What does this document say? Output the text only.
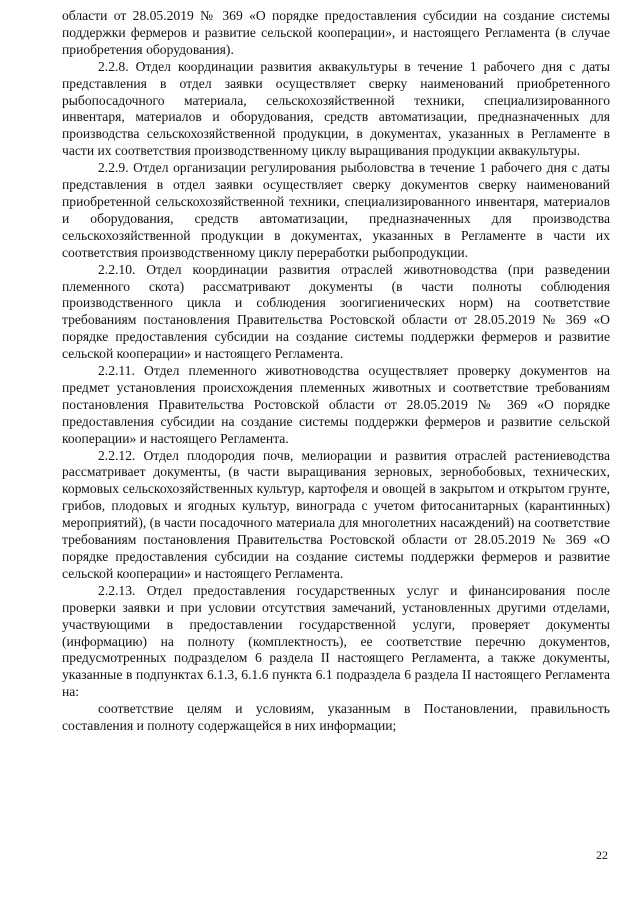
области от 28.05.2019 № 369 «О порядке предоставления субсидии на создание системы поддержки фермеров и развитие сельской кооперации», и настоящего Регламента (в случае приобретения оборудования).

2.2.8. Отдел координации развития аквакультуры в течение 1 рабочего дня с даты представления в отдел заявки осуществляет сверку наименований приобретенного рыбопосадочного материала, сельскохозяйственной техники, специализированного инвентаря, материалов и оборудования, средств автоматизации, предназначенных для производства сельскохозяйственной продукции, в документах, указанных в Регламенте в части их соответствия производственному циклу выращивания продукции аквакультуры.

2.2.9. Отдел организации регулирования рыболовства в течение 1 рабочего дня с даты представления в отдел заявки осуществляет сверку документов сверку наименований приобретенной сельскохозяйственной техники, специализированного инвентаря, материалов и оборудования, средств автоматизации, предназначенных для производства сельскохозяйственной продукции в документах, указанных в Регламенте в части их соответствия производственному циклу переработки рыбопродукции.

2.2.10. Отдел координации развития отраслей животноводства (при разведении племенного скота) рассматривают документы (в части полноты соблюдения производственного цикла и соблюдения зоогигиенических норм) на соответствие требованиям постановления Правительства Ростовской области от 28.05.2019 № 369 «О порядке предоставления субсидии на создание системы поддержки фермеров и развитие сельской кооперации» и настоящего Регламента.

2.2.11. Отдел племенного животноводства осуществляет проверку документов на предмет установления происхождения племенных животных и соответствие требованиям постановления Правительства Ростовской области от 28.05.2019 № 369 «О порядке предоставления субсидии на создание системы поддержки фермеров и развитие сельской кооперации» и настоящего Регламента.

2.2.12. Отдел плодородия почв, мелиорации и развития отраслей растениеводства рассматривает документы, (в части выращивания зерновых, зернобобовых, технических, кормовых сельскохозяйственных культур, картофеля и овощей в закрытом и открытом грунте, грибов, плодовых и ягодных культур, винограда с учетом фитосанитарных (карантинных) мероприятий), (в части посадочного материала для многолетних насаждений) на соответствие требованиям постановления Правительства Ростовской области от 28.05.2019 № 369 «О порядке предоставления субсидии на создание системы поддержки фермеров и развитие сельской кооперации» и настоящего Регламента.

2.2.13. Отдел предоставления государственных услуг и финансирования после проверки заявки и при условии отсутствия замечаний, установленных другими отделами, участвующими в предоставлении государственной услуги, проверяет документы (информацию) на полноту (комплектность), ее соответствие перечню документов, предусмотренных подразделом 6 раздела II настоящего Регламента, а также документы, указанные в подпунктах 6.1.3, 6.1.6 пункта 6.1 подраздела 6 раздела II настоящего Регламента на:

соответствие целям и условиям, указанным в Постановлении, правильность составления и полноту содержащейся в них информации;

22
